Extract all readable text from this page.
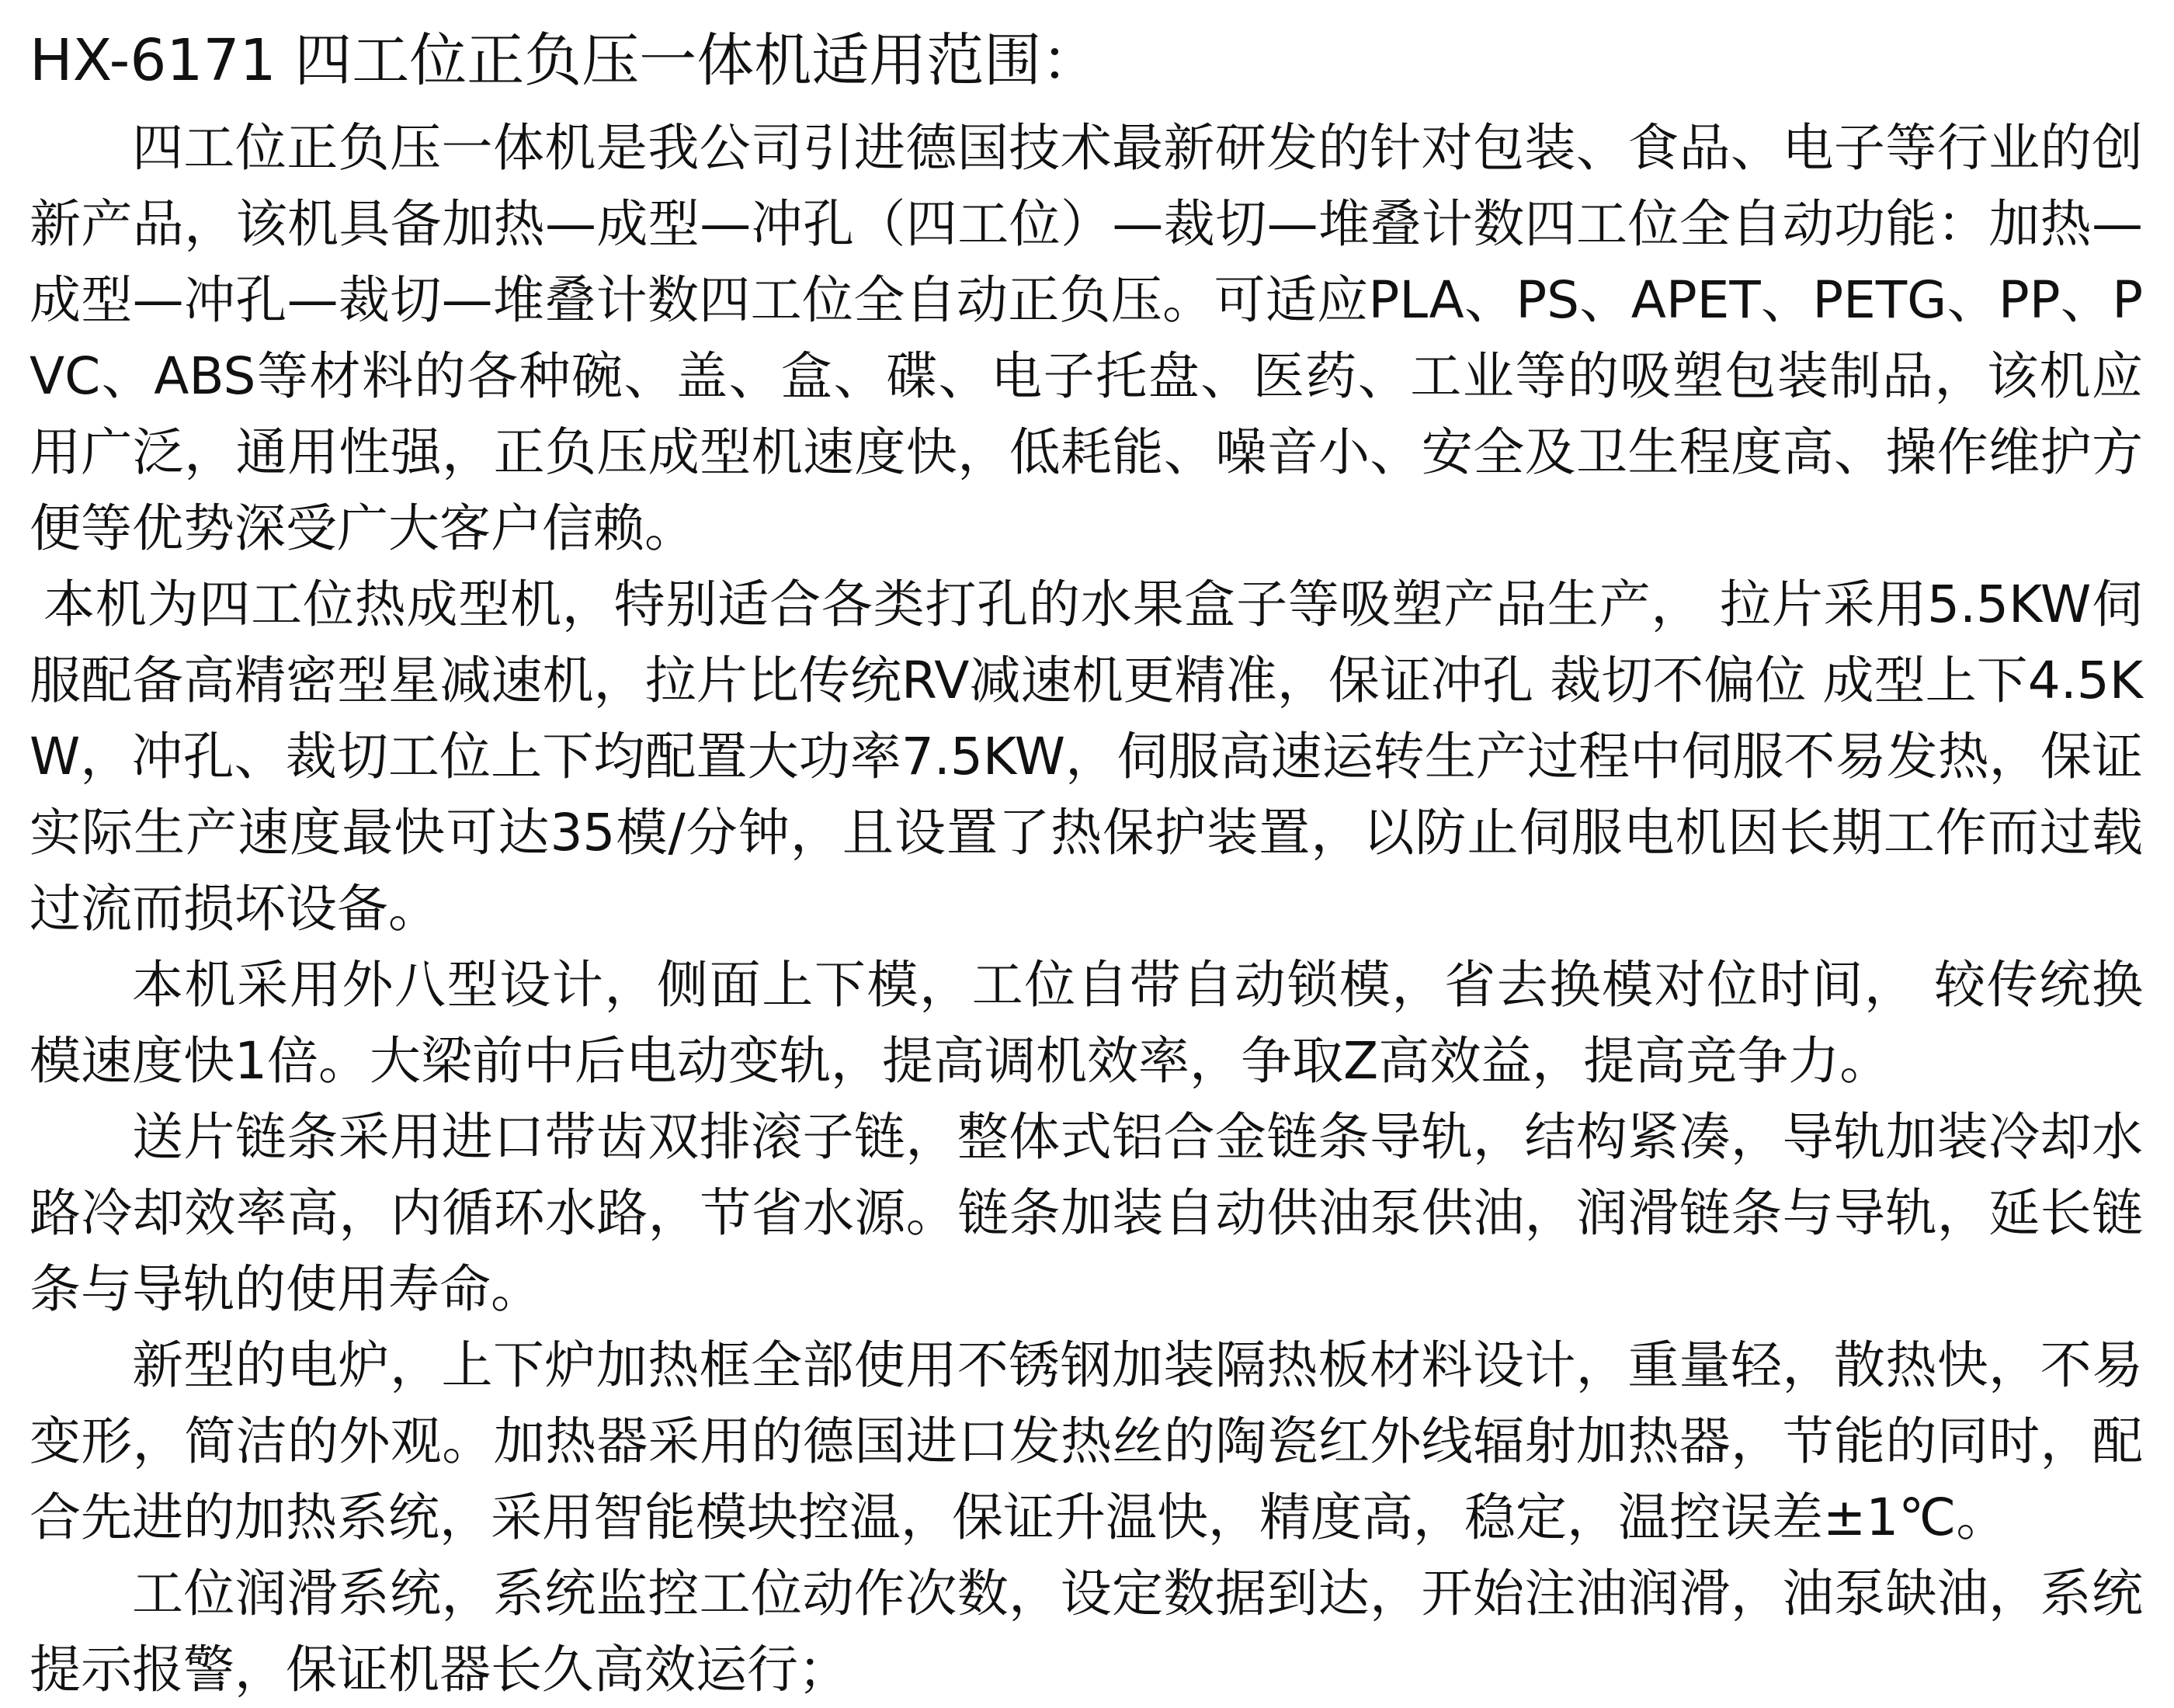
HX-6171 四工位正负压一体机适用范围：

四工位正负压一体机是我公司引进德国技术最新研发的针对包装、食品、电子等行业的创新产品，该机具备加热—成型—冲孔（四工位）—裁切—堆叠计数四工位全自动功能：加热—成型—冲孔—裁切—堆叠计数四工位全自动正负压。可适应PLA、PS、APET、PETG、PP、PVC、ABS等材料的各种碗、盖、盒、碟、电子托盘、医药、工业等的吸塑包装制品，该机应用广泛，通用性强，正负压成型机速度快，低耗能、噪音小、安全及卫生程度高、操作维护方便等优势深受广大客户信赖。

本机为四工位热成型机，特别适合各类打孔的水果盒子等吸塑产品生产， 拉片采用5.5KW伺服配备高精密型星减速机，拉片比传统RV减速机更精准，保证冲孔 裁切不偏位 成型上下4.5KW，冲孔、裁切工位上下均配置大功率7.5KW，伺服高速运转生产过程中伺服不易发热，保证实际生产速度最快可达35模/分钟，且设置了热保护装置，以防止伺服电机因长期工作而过载过流而损坏设备。

本机采用外八型设计，侧面上下模，工位自带自动锁模，省去换模对位时间， 较传统换模速度快1倍。大梁前中后电动变轨，提高调机效率，争取Z高效益，提高竞争力。

送片链条采用进口带齿双排滚子链，整体式铝合金链条导轨，结构紧凑，导轨加装冷却水路冷却效率高，内循环水路，节省水源。链条加装自动供油泵供油，润滑链条与导轨，延长链条与导轨的使用寿命。

新型的电炉，上下炉加热框全部使用不锈钢加装隔热板材料设计，重量轻，散热快，不易变形，简洁的外观。加热器采用的德国进口发热丝的陶瓷红外线辐射加热器，节能的同时，配合先进的加热系统，采用智能模块控温，保证升温快，精度高，稳定，温控误差±1℃。

工位润滑系统，系统监控工位动作次数，设定数据到达，开始注油润滑，油泵缺油，系统提示报警，保证机器长久高效运行；
